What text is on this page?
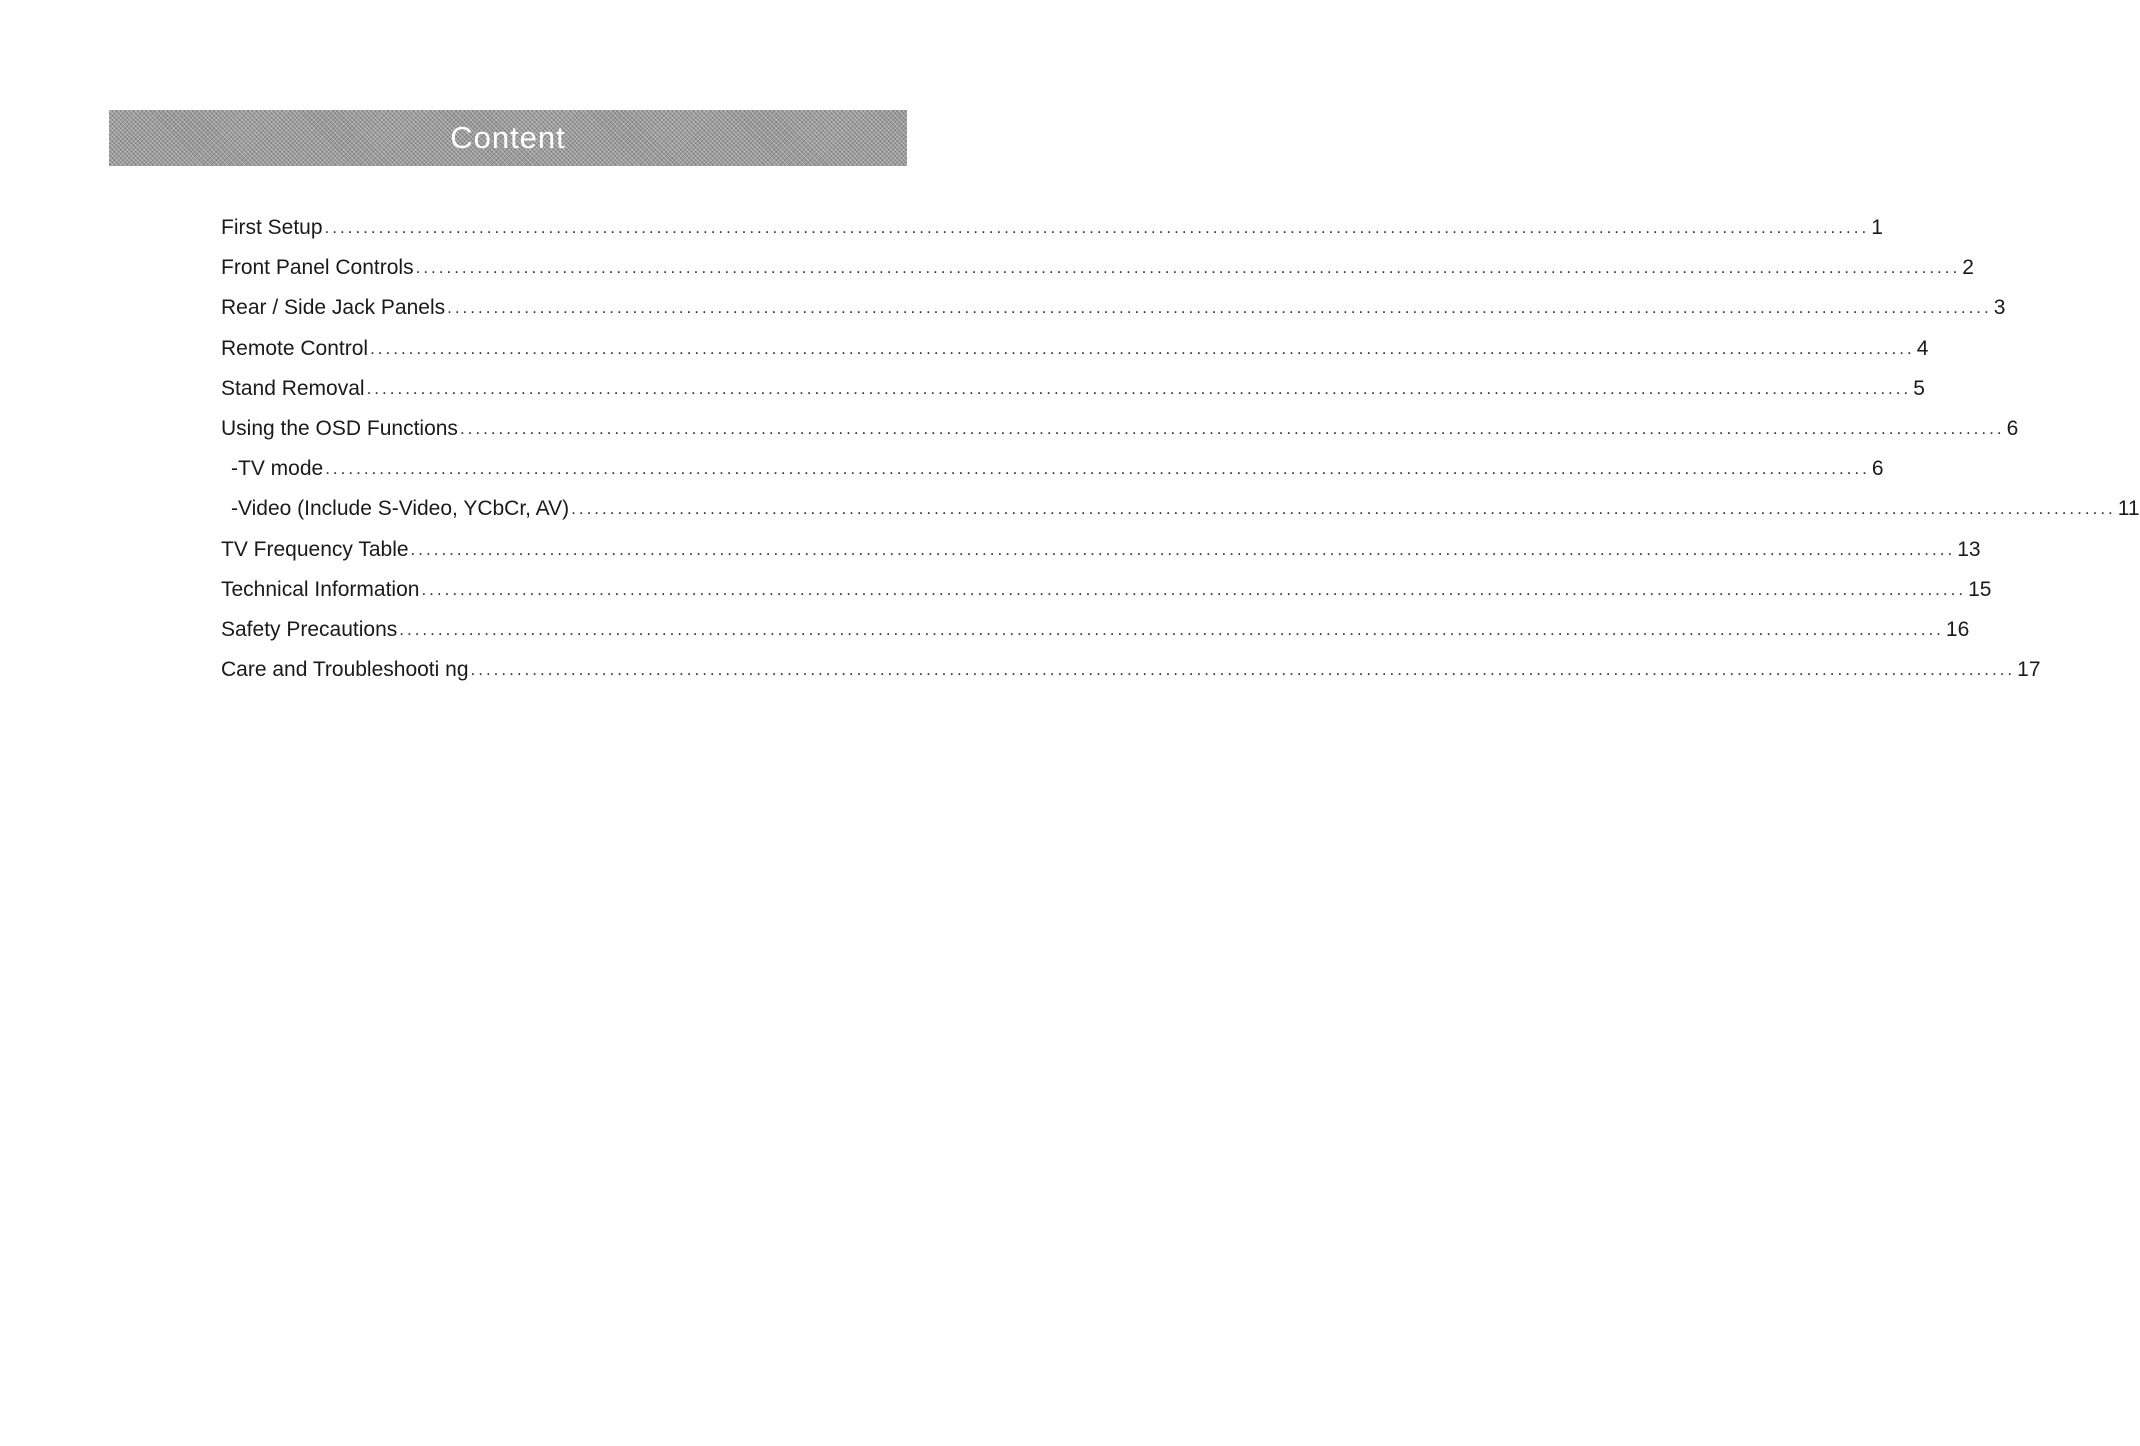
Content
First Setup ........................................................................................................................................................................................................ 1
Front Panel Controls ........................................................................................................................................................................................................ 2
Rear / Side Jack Panels ........................................................................................................................................................................................................ 3
Remote Control ........................................................................................................................................................................................................ 4
Stand Removal ........................................................................................................................................................................................................ 5
Using the OSD Functions ........................................................................................................................................................................................................ 6
-TV mode ........................................................................................................................................................................................................ 6
-Video (Include S-Video, YCbCr, AV) ........................................................................................................................................................................................................ 11
TV Frequency Table ........................................................................................................................................................................................................ 13
Technical Information ........................................................................................................................................................................................................ 15
Safety Precautions ........................................................................................................................................................................................................ 16
Care and Troubleshooti ng ........................................................................................................................................................................................................ 17
